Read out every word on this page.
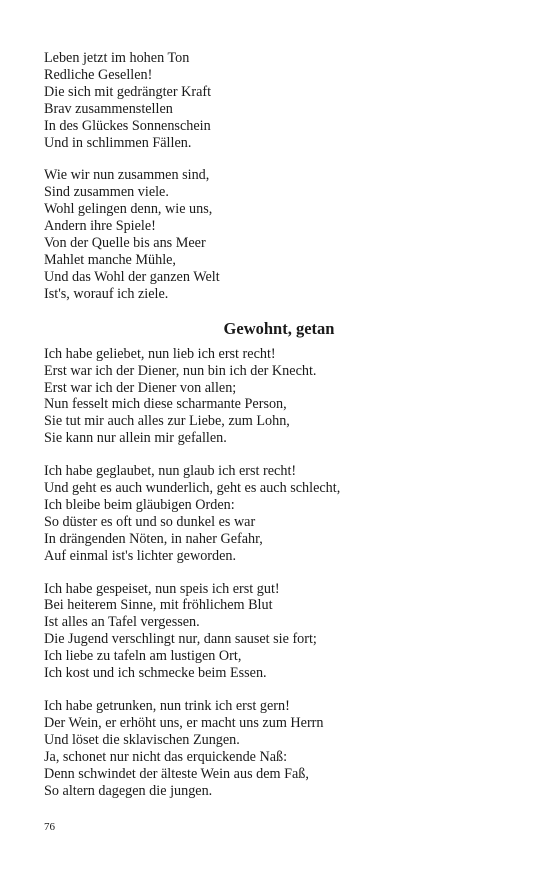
Leben jetzt im hohen Ton
Redliche Gesellen!
Die sich mit gedrängter Kraft
Brav zusammenstellen
In des Glückes Sonnenschein
Und in schlimmen Fällen.
Wie wir nun zusammen sind,
Sind zusammen viele.
Wohl gelingen denn, wie uns,
Andern ihre Spiele!
Von der Quelle bis ans Meer
Mahlet manche Mühle,
Und das Wohl der ganzen Welt
Ist's, worauf ich ziele.
Gewohnt, getan
Ich habe geliebet, nun lieb ich erst recht!
Erst war ich der Diener, nun bin ich der Knecht.
Erst war ich der Diener von allen;
Nun fesselt mich diese scharmante Person,
Sie tut mir auch alles zur Liebe, zum Lohn,
Sie kann nur allein mir gefallen.
Ich habe geglaubet, nun glaub ich erst recht!
Und geht es auch wunderlich, geht es auch schlecht,
Ich bleibe beim gläubigen Orden:
So düster es oft und so dunkel es war
In drängenden Nöten, in naher Gefahr,
Auf einmal ist's lichter geworden.
Ich habe gespeiset, nun speis ich erst gut!
Bei heiterem Sinne, mit fröhlichem Blut
Ist alles an Tafel vergessen.
Die Jugend verschlingt nur, dann sauset sie fort;
Ich liebe zu tafeln am lustigen Ort,
Ich kost und ich schmecke beim Essen.
Ich habe getrunken, nun trink ich erst gern!
Der Wein, er erhöht uns, er macht uns zum Herrn
Und löset die sklavischen Zungen.
Ja, schonet nur nicht das erquickende Naß:
Denn schwindet der älteste Wein aus dem Faß,
So altern dagegen die jungen.
76
